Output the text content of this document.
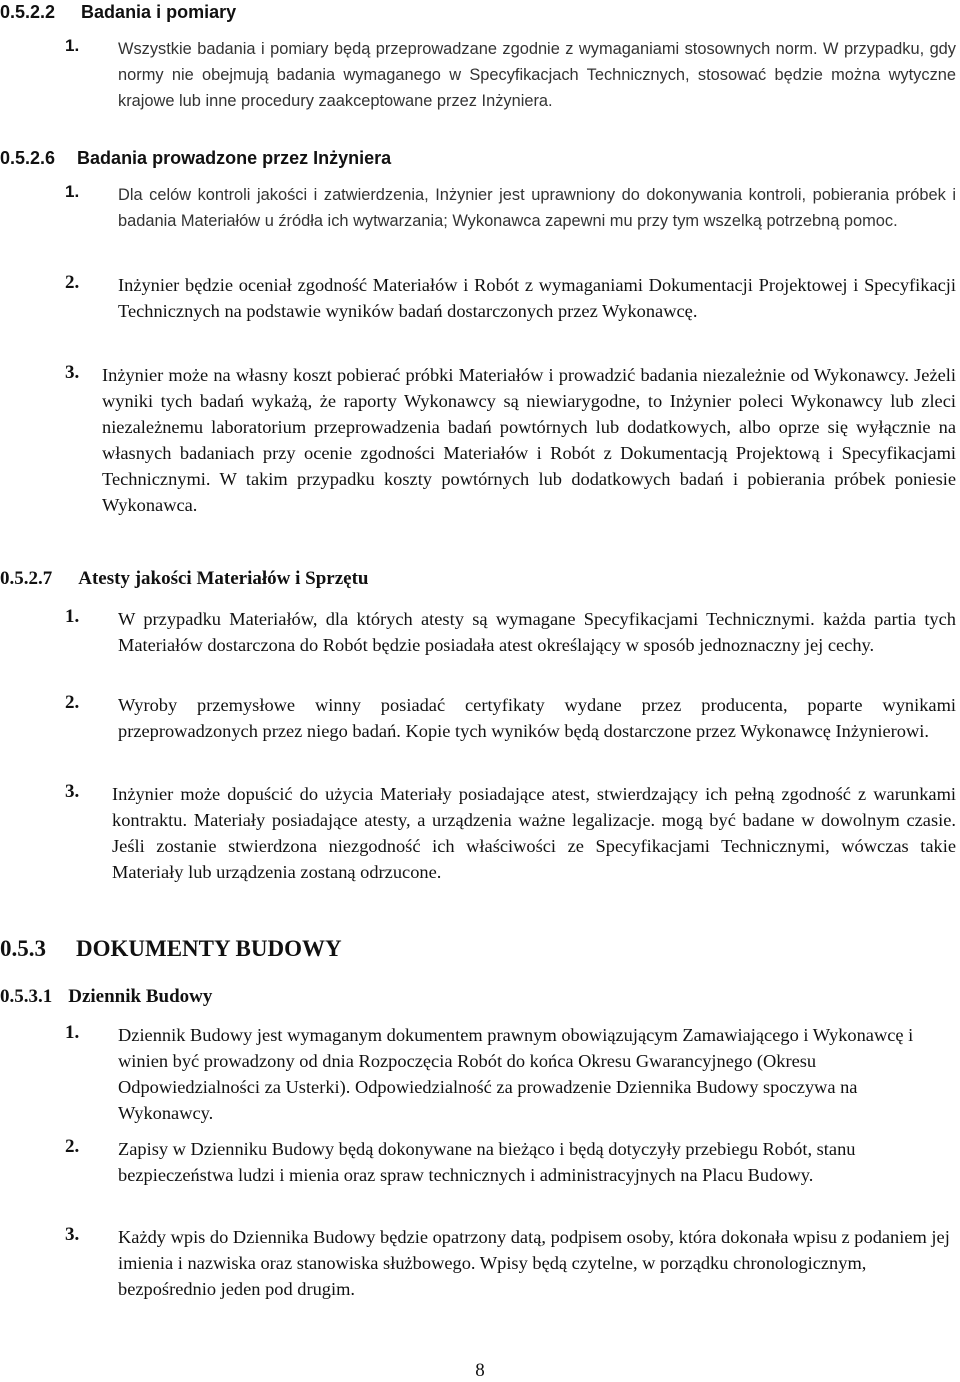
0.5.2.2 Badania i pomiary
1. Wszystkie badania i pomiary będą przeprowadzane zgodnie z wymaganiami stosownych norm. W przypadku, gdy normy nie obejmują badania wymaganego w Specyfikacjach Technicznych, stosować będzie można wytyczne krajowe lub inne procedury zaakceptowane przez Inżyniera.

0.5.2.6 Badania prowadzone przez Inżyniera
1. Dla celów kontroli jakości i zatwierdzenia, Inżynier jest uprawniony do dokonywania kontroli, pobierania próbek i badania Materiałów u źródła ich wytwarzania; Wykonawca zapewni mu przy tym wszelką potrzebną pomoc.

2. Inżynier będzie oceniał zgodność Materiałów i Robót z wymaganiami Dokumentacji Projektowej i Specyfikacji Technicznych na podstawie wyników badań dostarczonych przez Wykonawcę.

3. Inżynier może na własny koszt pobierać próbki Materiałów i prowadzić badania niezależnie od Wykonawcy. Jeżeli wyniki tych badań wykażą, że raporty Wykonawcy są niewiarygodne, to Inżynier poleci Wykonawcy lub zleci niezależnemu laboratorium przeprowadzenia badań powtórnych lub dodatkowych, albo oprze się wyłącznie na własnych badaniach przy ocenie zgodności Materiałów i Robót z Dokumentacją Projektową i Specyfikacjami Technicznymi. W takim przypadku koszty powtórnych lub dodatkowych badań i pobierania próbek poniesie Wykonawca.

0.5.2.7 Atesty jakości Materiałów i Sprzętu
1. W przypadku Materiałów, dla których atesty są wymagane Specyfikacjami Technicznymi. każda partia tych Materiałów dostarczona do Robót będzie posiadała atest określający w sposób jednoznaczny jej cechy.

2. Wyroby przemysłowe winny posiadać certyfikaty wydane przez producenta, poparte wynikami przeprowadzonych przez niego badań. Kopie tych wyników będą dostarczone przez Wykonawcę Inżynierowi.

3. Inżynier może dopuścić do użycia Materiały posiadające atest, stwierdzający ich pełną zgodność z warunkami kontraktu. Materiały posiadające atesty, a urządzenia ważne legalizacje. mogą być badane w dowolnym czasie. Jeśli zostanie stwierdzona niezgodność ich właściwości ze Specyfikacjami Technicznymi, wówczas takie Materiały lub urządzenia zostaną odrzucone.

0.5.3 DOKUMENTY BUDOWY
0.5.3.1 Dziennik Budowy
1. Dziennik Budowy jest wymaganym dokumentem prawnym obowiązującym Zamawiającego i Wykonawcę i winien być prowadzony od dnia Rozpoczęcia Robót do końca Okresu Gwarancyjnego (Okresu Odpowiedzialności za Usterki). Odpowiedzialność za prowadzenie Dziennika Budowy spoczywa na Wykonawcy.

2. Zapisy w Dzienniku Budowy będą dokonywane na bieżąco i będą dotyczyły przebiegu Robót, stanu bezpieczeństwa ludzi i mienia oraz spraw technicznych i administracyjnych na Placu Budowy.

3. Każdy wpis do Dziennika Budowy będzie opatrzony datą, podpisem osoby, która dokonała wpisu z podaniem jej imienia i nazwiska oraz stanowiska służbowego. Wpisy będą czytelne, w porządku chronologicznym, bezpośrednio jeden pod drugim.

8
